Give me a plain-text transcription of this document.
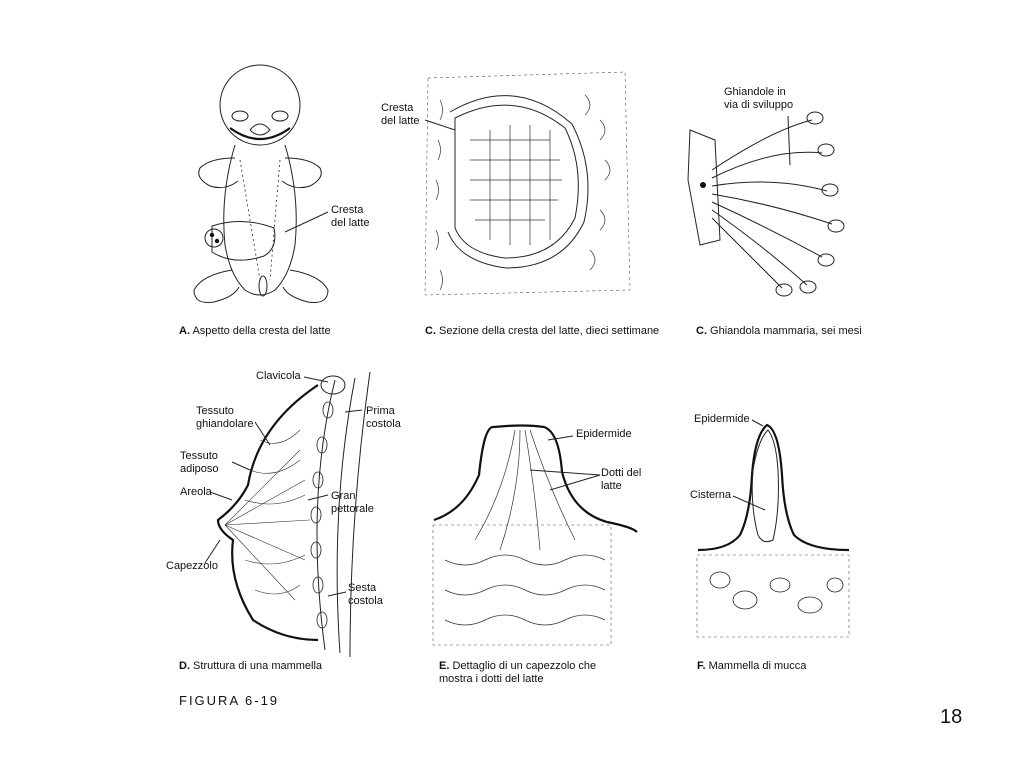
Cresta
del latte
A. Aspetto della cresta del latte
Cresta
del latte
C. Sezione della cresta del latte, dieci settimane
Ghiandole in
via di sviluppo
C. Ghiandola mammaria, sei mesi
Clavicola
Prima
costola
Tessuto
ghiandolare
Tessuto
adiposo
Areola	Gran
pettorale
Capezzolo
Sesta
costola
D. Struttura di una mammella
Epidermide
Dotti del
latte
E. Dettaglio di un capezzolo che
mostra i dotti del latte
Epidermide
Cisterna
F. Mammella di mucca
FIGURA 6-19
18
